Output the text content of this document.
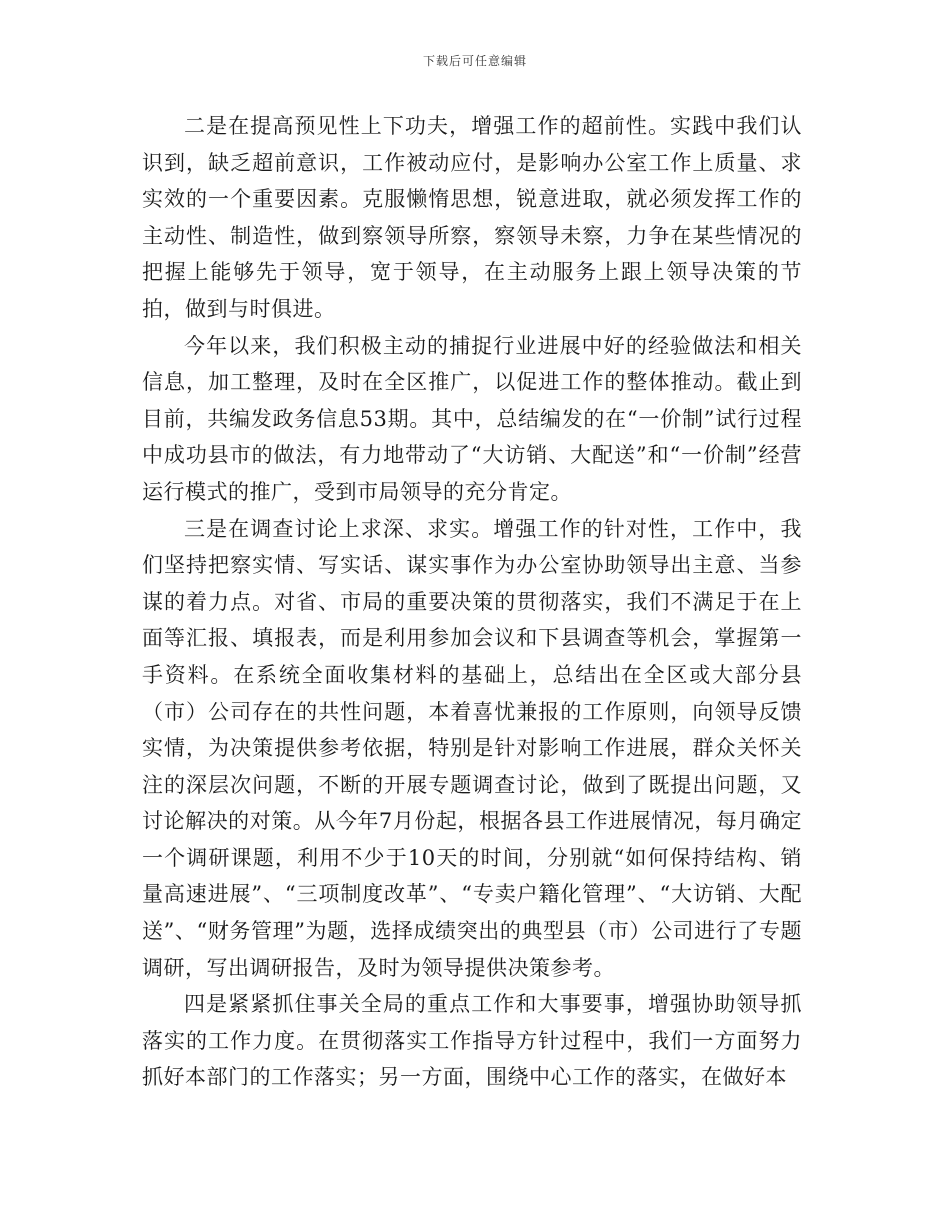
下载后可任意编辑

二是在提高预见性上下功夫，增强工作的超前性。实践中我们认识到，缺乏超前意识，工作被动应付，是影响办公室工作上质量、求实效的一个重要因素。克服懒惰思想，锐意进取，就必须发挥工作的主动性、制造性，做到察领导所察，察领导未察，力争在某些情况的把握上能够先于领导，宽于领导，在主动服务上跟上领导决策的节拍，做到与时俱进。

今年以来，我们积极主动的捕捉行业进展中好的经验做法和相关信息，加工整理，及时在全区推广，以促进工作的整体推动。截止到目前，共编发政务信息53期。其中，总结编发的在“一价制”试行过程中成功县市的做法，有力地带动了“大访销、大配送”和“一价制”经营运行模式的推广，受到市局领导的充分肯定。

三是在调查讨论上求深、求实。增强工作的针对性，工作中，我们坚持把察实情、写实话、谋实事作为办公室协助领导出主意、当参谋的着力点。对省、市局的重要决策的贯彻落实，我们不满足于在上面等汇报、填报表，而是利用参加会议和下县调查等机会，掌握第一手资料。在系统全面收集材料的基础上，总结出在全区或大部分县（市）公司存在的共性问题，本着喜忧兼报的工作原则，向领导反馈实情，为决策提供参考依据，特别是针对影响工作进展，群众关怀关注的深层次问题，不断的开展专题调查讨论，做到了既提出问题，又讨论解决的对策。从今年7月份起，根据各县工作进展情况，每月确定一个调研课题，利用不少于10天的时间，分别就“如何保持结构、销量高速进展”、“三项制度改革”、“专卖户籍化管理”、“大访销、大配送”、“财务管理”为题，选择成绩突出的典型县（市）公司进行了专题调研，写出调研报告，及时为领导提供决策参考。

四是紧紧抓住事关全局的重点工作和大事要事，增强协助领导抓落实的工作力度。在贯彻落实工作指导方针过程中，我们一方面努力抓好本部门的工作落实；另一方面，围绕中心工作的落实，在做好本
